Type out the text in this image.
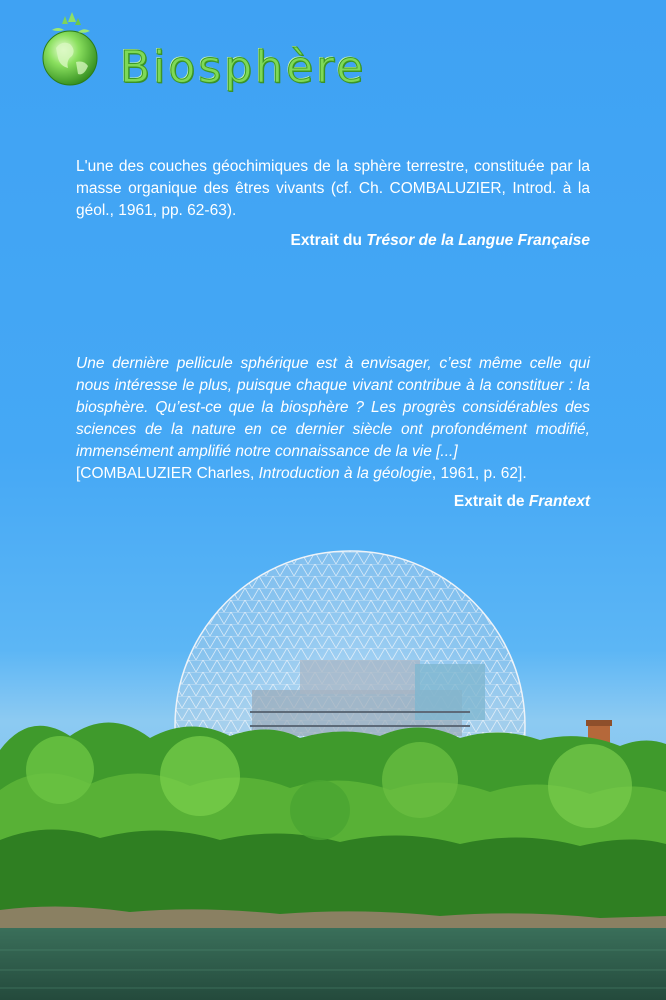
Biosphère

L'une des couches géochimiques de la sphère terrestre, constituée par la masse organique des êtres vivants (cf. Ch. COMBALUZIER, Introd. à la géol., 1961, pp. 62-63).

Extrait du Trésor de la Langue Française

Une dernière pellicule sphérique est à envisager, c’est même celle qui nous intéresse le plus, puisque chaque vivant contribue à la constituer : la biosphère. Qu’est-ce que la biosphère ? Les progrès considérables des sciences de la nature en ce dernier siècle ont profondément modifié, immensément amplifié notre connaissance de la vie [...]

[COMBALUZIER Charles, Introduction à la géologie, 1961, p. 62].

Extrait de Frantext
